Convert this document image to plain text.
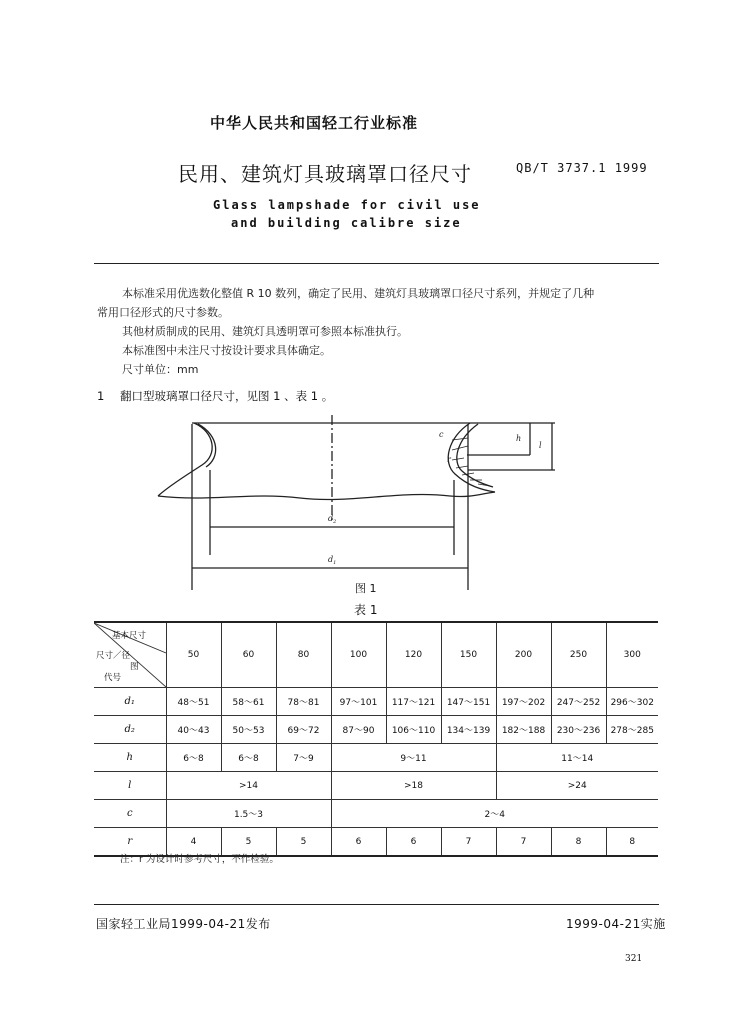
中华人民共和国轻工行业标准
民用、建筑灯具玻璃罩口径尺寸	QB/T 3737.1 1999
Glass lampshade for civil use
and building calibre size
本标准采用优选数化整值 R 10 数列，确定了民用、建筑灯具玻璃罩口径尺寸系列，并规定了几种
常用口径形式的尺寸参数。
其他材质制成的民用、建筑灯具透明罩可参照本标准执行。
本标准图中未注尺寸按设计要求具体确定。
尺寸单位：mm
1 翻口型玻璃罩口径尺寸，见图 1 、表 1 。
$d_2$
$d_1$
h
l
c
r
图 1
表 1
基本尺寸
尺寸／径
图
代号	50	60	80	100	120	150	200	250	300
d₁	48～51	58～61	78～81	97～101	117～121	147～151	197～202	247～252	296～302
d₂	40～43	50～53	69～72	87～90	106～110	134～139	182～188	230～236	278～285
h	6～8	6～8	7～9	9～11			11～14		
l	>14			>18			>24		
c	1.5～3			2～4					
r	4	5	5	6	6	7	7	8	8
注：r 为设计时参考尺寸，不作检验。
国家轻工业局1999-04-21发布	1999-04-21实施
321
